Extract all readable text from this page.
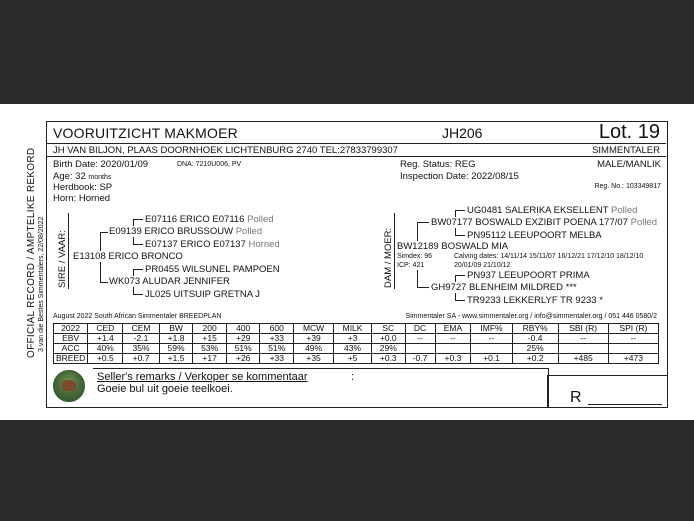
OFFICIAL RECORD / AMPTELIKE REKORD 3 van die Bestes Simmentalers, 22/08/2022
VOORUITZICHT MAKMOER	JH206	Lot. 19
JH VAN BILJON, PLAAS DOORNHOEK LICHTENBURG 2740 TEL:27833799307	SIMMENTALER
Birth Date: 2020/01/09	DNA: 7210U006, PV
Age: 32 months
Herdbook: SP
Horn: Horned
Reg. Status: REG
Inspection Date: 2022/08/15
MALE/MANLIK
Reg. No.: 103349817
SIRE / VAAR: E13108 ERICO BRONCO
E09139 ERICO BRUSSOUW Polled
E07116 ERICO E07116 Polled
E07137 ERICO E07137 Horned
WK073 ALUDAR JENNIFER
PR0455 WILSUNEL PAMPOEN
JL025 UITSUIP GRETNA J
DAM / MOER: BW12189 BOSWALD MIA
Simdex: 96
ICP: 421
Calving dates: 14/11/14 15/11/07 16/12/21 17/12/10 18/12/10
20/01/09 21/10/12
BW07177 BOSWALD EXZIBIT POENA 177/07 Polled
UG0481 SALERIKA EKSELLENT Polled
PN95112 LEEUPOORT MELBA
GH9727 BLENHEIM MILDRED ***
PN937 LEEUPOORT PRIMA
TR9233 LEKKERLYF TR 9233 *
August 2022 South African Simmentaler BREEDPLAN	Simmentaler SA - www.simmentaler.org / info@simmentaler.org / 051 446 0580/2
2022	CED	CEM	BW	200	400	600	MCW	MILK	SC	DC	EMA	IMF%	RBY%	SBI (R)	SPI (R)
EBV	+1.4	-2.1	+1.8	+15	+29	+33	+39	+3	+0.0	--	--	--	-0.4	--	--
ACC	40%	35%	59%	53%	51%	51%	49%	43%	29%				25%		
BREED	+0.5	+0.7	+1.5	+17	+26	+33	+35	+5	+0.3	-0.7	+0.3	+0.1	+0.2	+485	+473
Seller's remarks / Verkoper se kommentaar	:
Goeie bul uit goeie teelkoei.	R
